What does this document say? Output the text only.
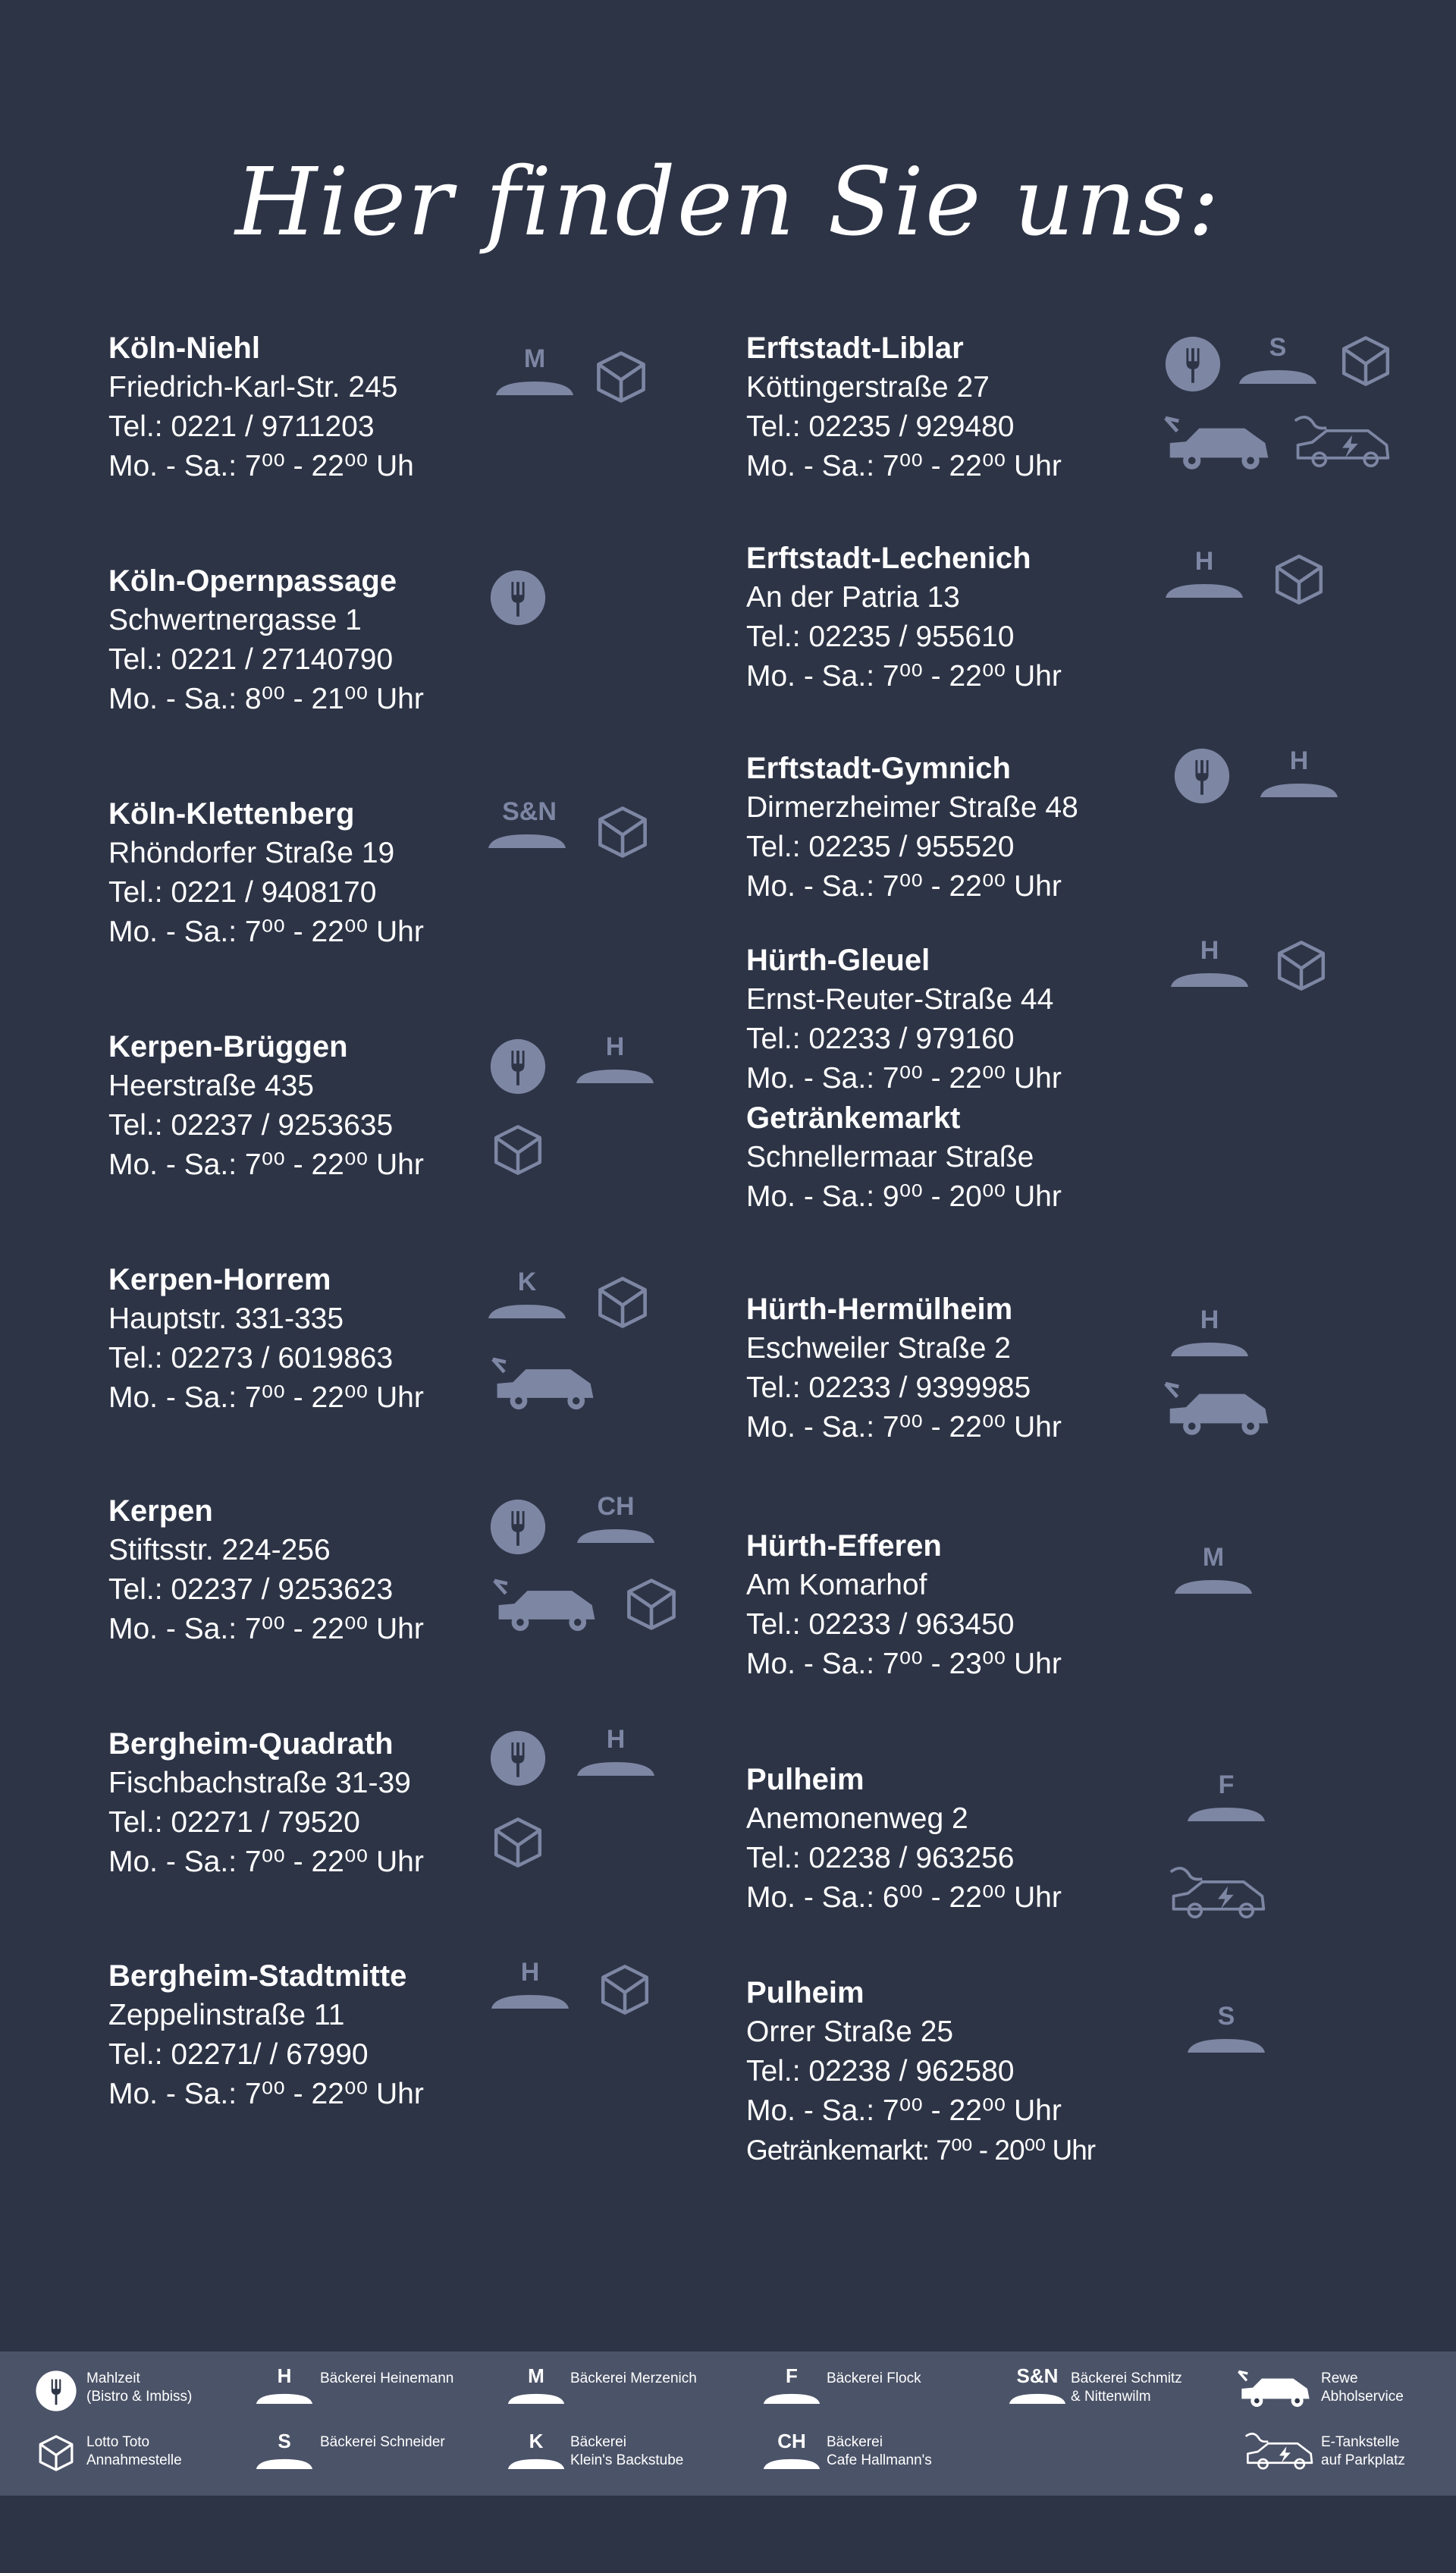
Hier finden Sie uns:
Köln-Niehl
Friedrich-Karl-Str. 245
Tel.: 0221 / 9711203
Mo. - Sa.: 7⁰⁰ - 22⁰⁰ Uh
Köln-Opernpassage
Schwertnergasse 1
Tel.: 0221 / 27140790
Mo. - Sa.: 8⁰⁰ - 21⁰⁰ Uhr
Köln-Klettenberg
Rhöndorfer Straße 19
Tel.: 0221 / 9408170
Mo. - Sa.: 7⁰⁰ - 22⁰⁰ Uhr
Kerpen-Brüggen
Heerstraße 435
Tel.: 02237 / 9253635
Mo. - Sa.: 7⁰⁰ - 22⁰⁰ Uhr
Kerpen-Horrem
Hauptstr. 331-335
Tel.: 02273 / 6019863
Mo. - Sa.: 7⁰⁰ - 22⁰⁰ Uhr
Kerpen
Stiftsstr. 224-256
Tel.: 02237 / 9253623
Mo. - Sa.: 7⁰⁰ - 22⁰⁰ Uhr
Bergheim-Quadrath
Fischbachstraße 31-39
Tel.: 02271 / 79520
Mo. - Sa.: 7⁰⁰ - 22⁰⁰ Uhr
Bergheim-Stadtmitte
Zeppelinstraße 11
Tel.: 02271/ / 67990
Mo. - Sa.: 7⁰⁰ - 22⁰⁰ Uhr
Erftstadt-Liblar
Köttingerstraße 27
Tel.: 02235 / 929480
Mo. - Sa.: 7⁰⁰ - 22⁰⁰ Uhr
Erftstadt-Lechenich
An der Patria 13
Tel.: 02235 / 955610
Mo. - Sa.: 7⁰⁰ - 22⁰⁰ Uhr
Erftstadt-Gymnich
Dirmerzheimer Straße 48
Tel.: 02235 / 955520
Mo. - Sa.: 7⁰⁰ - 22⁰⁰ Uhr
Hürth-Gleuel
Ernst-Reuter-Straße 44
Tel.: 02233 / 979160
Mo. - Sa.: 7⁰⁰ - 22⁰⁰ Uhr
Getränkemarkt
Schnellermaar Straße
Mo. - Sa.: 9⁰⁰ - 20⁰⁰ Uhr
Hürth-Hermülheim
Eschweiler Straße 2
Tel.: 02233 / 9399985
Mo. - Sa.: 7⁰⁰ - 22⁰⁰ Uhr
Hürth-Efferen
Am Komarhof
Tel.: 02233 / 963450
Mo. - Sa.: 7⁰⁰ - 23⁰⁰ Uhr
Pulheim
Anemonenweg 2
Tel.: 02238 / 963256
Mo. - Sa.: 6⁰⁰ - 22⁰⁰ Uhr
Pulheim
Orrer Straße 25
Tel.: 02238 / 962580
Mo. - Sa.: 7⁰⁰ - 22⁰⁰ Uhr
Getränkemarkt: 7⁰⁰ - 20⁰⁰ Uhr
M
S&N
H
K
CH
H
H
S
H
H
H
H
M
F
S
Mahlzeit
(Bistro & Imbiss)
H	Bäckerei Heinemann	M	Bäckerei Merzenich	F	Bäckerei Flock	S&N Bäckerei Schmitz
& Nittenwilm
Rewe
Abholservice
Lotto Toto
Annahmestelle
S	Bäckerei Schneider	K	Bäckerei
Klein's Backstube
CH	Bäckerei
Cafe Hallmann's
E-Tankstelle
auf Parkplatz
